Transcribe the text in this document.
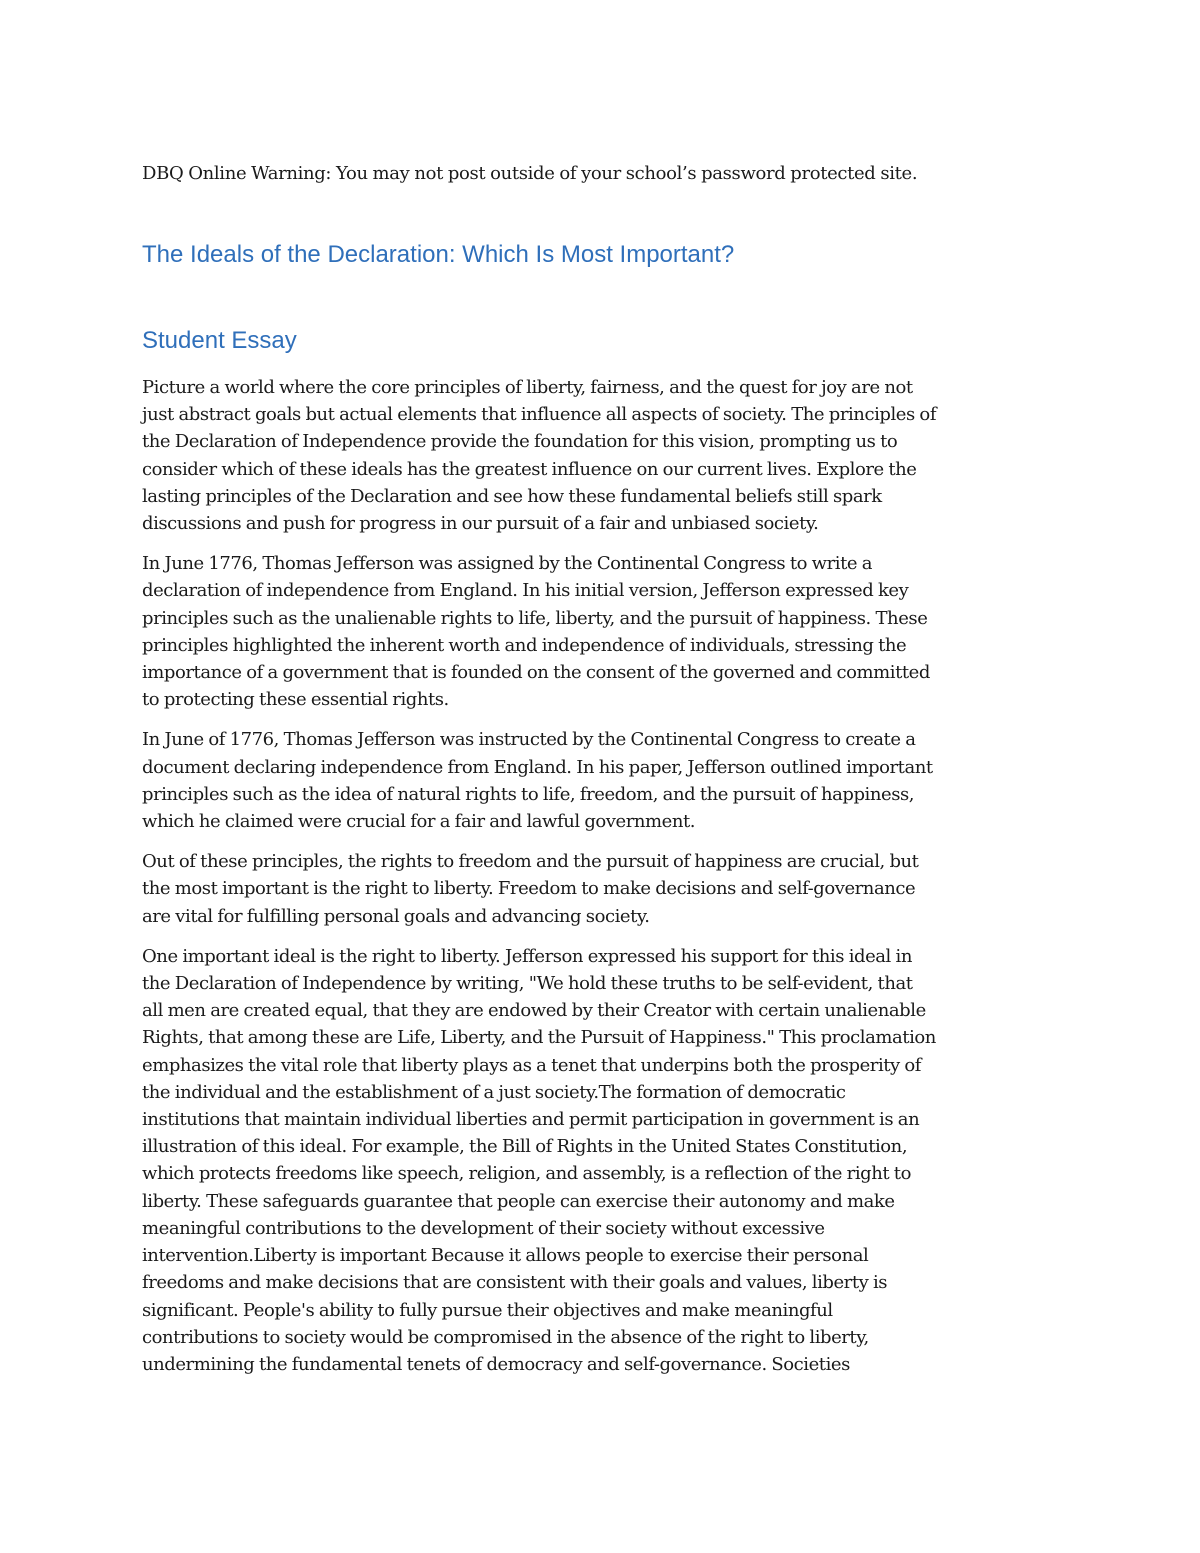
DBQ Online Warning: You may not post outside of your school’s password protected site.

The Ideals of the Declaration: Which Is Most Important?
Student Essay

Picture a world where the core principles of liberty, fairness, and the quest for joy are not
just abstract goals but actual elements that influence all aspects of society. The principles of
the Declaration of Independence provide the foundation for this vision, prompting us to
consider which of these ideals has the greatest influence on our current lives. Explore the
lasting principles of the Declaration and see how these fundamental beliefs still spark
discussions and push for progress in our pursuit of a fair and unbiased society.

In June 1776, Thomas Jefferson was assigned by the Continental Congress to write a
declaration of independence from England. In his initial version, Jefferson expressed key
principles such as the unalienable rights to life, liberty, and the pursuit of happiness. These
principles highlighted the inherent worth and independence of individuals, stressing the
importance of a government that is founded on the consent of the governed and committed
to protecting these essential rights.

In June of 1776, Thomas Jefferson was instructed by the Continental Congress to create a
document declaring independence from England. In his paper, Jefferson outlined important
principles such as the idea of natural rights to life, freedom, and the pursuit of happiness,
which he claimed were crucial for a fair and lawful government.

Out of these principles, the rights to freedom and the pursuit of happiness are crucial, but
the most important is the right to liberty. Freedom to make decisions and self-governance
are vital for fulfilling personal goals and advancing society.

One important ideal is the right to liberty. Jefferson expressed his support for this ideal in
the Declaration of Independence by writing, "We hold these truths to be self-evident, that
all men are created equal, that they are endowed by their Creator with certain unalienable
Rights, that among these are Life, Liberty, and the Pursuit of Happiness." This proclamation
emphasizes the vital role that liberty plays as a tenet that underpins both the prosperity of
the individual and the establishment of a just society.The formation of democratic
institutions that maintain individual liberties and permit participation in government is an
illustration of this ideal. For example, the Bill of Rights in the United States Constitution,
which protects freedoms like speech, religion, and assembly, is a reflection of the right to
liberty. These safeguards guarantee that people can exercise their autonomy and make
meaningful contributions to the development of their society without excessive
intervention.Liberty is important Because it allows people to exercise their personal
freedoms and make decisions that are consistent with their goals and values, liberty is
significant. People's ability to fully pursue their objectives and make meaningful
contributions to society would be compromised in the absence of the right to liberty,
undermining the fundamental tenets of democracy and self-governance. Societies
